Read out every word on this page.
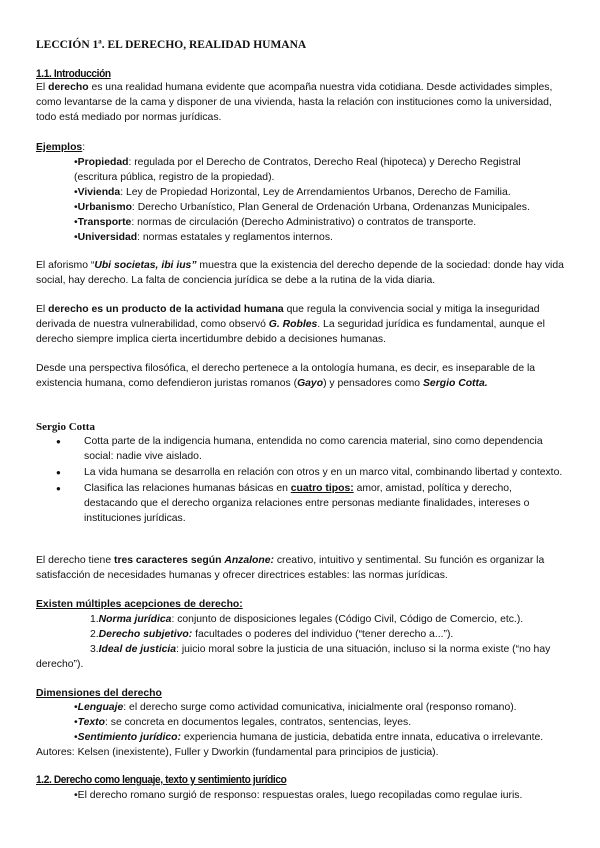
LECCIÓN 1ª. EL DERECHO, REALIDAD HUMANA
1.1. Introducción
El derecho es una realidad humana evidente que acompaña nuestra vida cotidiana. Desde actividades simples, como levantarse de la cama y disponer de una vivienda, hasta la relación con instituciones como la universidad, todo está mediado por normas jurídicas.
Ejemplos:
•Propiedad: regulada por el Derecho de Contratos, Derecho Real (hipoteca) y Derecho Registral (escritura pública, registro de la propiedad).
•Vivienda: Ley de Propiedad Horizontal, Ley de Arrendamientos Urbanos, Derecho de Familia.
•Urbanismo: Derecho Urbanístico, Plan General de Ordenación Urbana, Ordenanzas Municipales.
•Transporte: normas de circulación (Derecho Administrativo) o contratos de transporte.
•Universidad: normas estatales y reglamentos internos.
El aforismo “Ubi societas, ibi ius” muestra que la existencia del derecho depende de la sociedad: donde hay vida social, hay derecho. La falta de conciencia jurídica se debe a la rutina de la vida diaria.
El derecho es un producto de la actividad humana que regula la convivencia social y mitiga la inseguridad derivada de nuestra vulnerabilidad, como observó G. Robles. La seguridad jurídica es fundamental, aunque el derecho siempre implica cierta incertidumbre debido a decisiones humanas.
Desde una perspectiva filosófica, el derecho pertenece a la ontología humana, es decir, es inseparable de la existencia humana, como defendieron juristas romanos (Gayo) y pensadores como Sergio Cotta.
Sergio Cotta
● Cotta parte de la indigencia humana, entendida no como carencia material, sino como dependencia social: nadie vive aislado.
● La vida humana se desarrolla en relación con otros y en un marco vital, combinando libertad y contexto.
● Clasifica las relaciones humanas básicas en cuatro tipos: amor, amistad, política y derecho, destacando que el derecho organiza relaciones entre personas mediante finalidades, intereses o instituciones jurídicas.
El derecho tiene tres caracteres según Anzalone: creativo, intuitivo y sentimental. Su función es organizar la satisfacción de necesidades humanas y ofrecer directrices estables: las normas jurídicas.
Existen múltiples acepciones de derecho:
1.Norma jurídica: conjunto de disposiciones legales (Código Civil, Código de Comercio, etc.).
2.Derecho subjetivo: facultades o poderes del individuo (“tener derecho a...”).
3.Ideal de justicia: juicio moral sobre la justicia de una situación, incluso si la norma existe (“no hay derecho”).
Dimensiones del derecho
•Lenguaje: el derecho surge como actividad comunicativa, inicialmente oral (responso romano).
•Texto: se concreta en documentos legales, contratos, sentencias, leyes.
•Sentimiento jurídico: experiencia humana de justicia, debatida entre innata, educativa o irrelevante. Autores: Kelsen (inexistente), Fuller y Dworkin (fundamental para principios de justicia).
1.2. Derecho como lenguaje, texto y sentimiento jurídico
•El derecho romano surgió de responso: respuestas orales, luego recopiladas como regulae iuris.
